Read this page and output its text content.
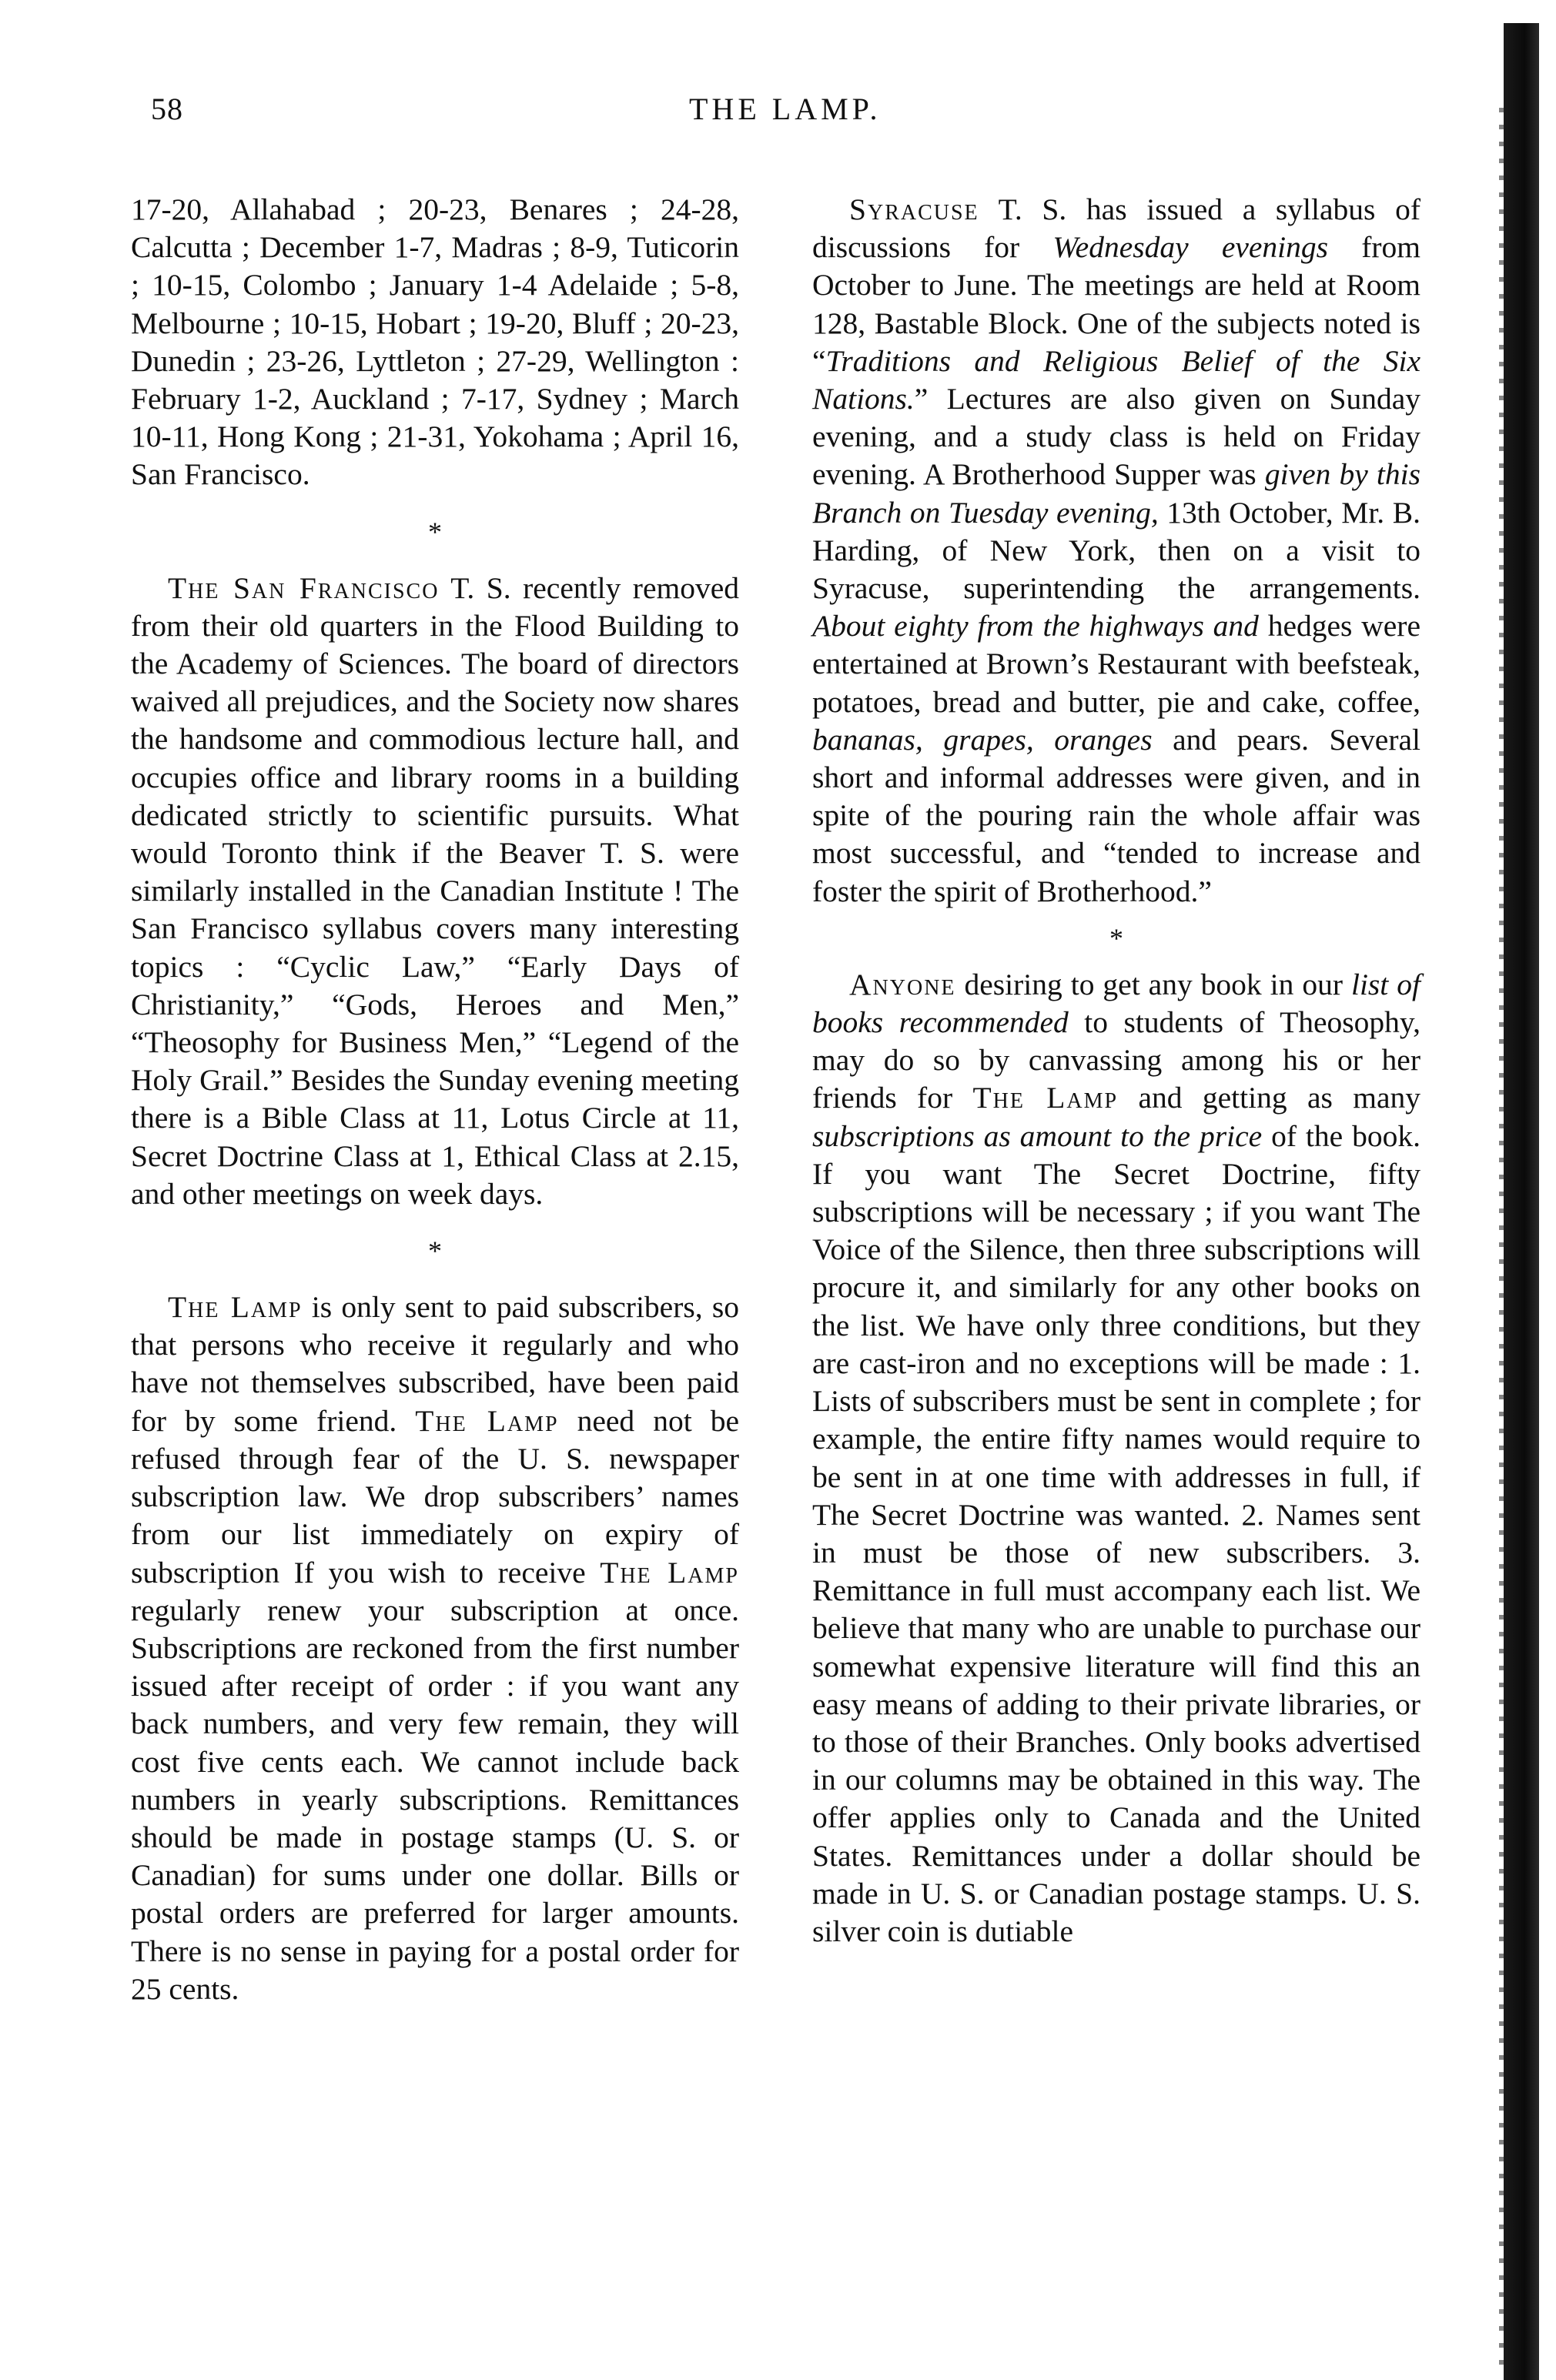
58	THE LAMP.

17-20, Allahabad ; 20-23, Benares ; 24-28, Calcutta ; December 1-7, Madras ; 8-9, Tuticorin ; 10-15, Colombo ; January 1-4 Adelaide ; 5-8, Melbourne ; 10-15, Hobart ; 19-20, Bluff ; 20-23, Dunedin ; 23-26, Lyttleton ; 27-29, Wellington : February 1-2, Auckland ; 7-17, Sydney ; March 10-11, Hong Kong ; 21-31, Yokohama ; April 16, San Francisco.

*

The San Francisco T. S. recently removed from their old quarters in the Flood Building to the Academy of Sciences. The board of directors waived all prejudices, and the Society now shares the handsome and commodious lecture hall, and occupies office and library rooms in a building dedicated strictly to scientific pursuits. What would Toronto think if the Beaver T. S. were similarly installed in the Canadian Institute ! The San Francisco syllabus covers many interesting topics : “Cyclic Law,” “Early Days of Christianity,” “Gods, Heroes and Men,” “Theosophy for Business Men,” “Legend of the Holy Grail.” Besides the Sunday evening meeting there is a Bible Class at 11, Lotus Circle at 11, Secret Doctrine Class at 1, Ethical Class at 2.15, and other meetings on week days.

*

The Lamp is only sent to paid subscribers, so that persons who receive it regularly and who have not themselves subscribed, have been paid for by some friend. The Lamp need not be refused through fear of the U. S. newspaper subscription law. We drop subscribers’ names from our list immediately on expiry of subscription If you wish to receive The Lamp regularly renew your subscription at once. Subscriptions are reckoned from the first number issued after receipt of order : if you want any back numbers, and very few remain, they will cost five cents each. We cannot include back numbers in yearly subscriptions. Remittances should be made in postage stamps (U. S. or Canadian) for sums under one dollar. Bills or postal orders are preferred for larger amounts. There is no sense in paying for a postal order for 25 cents.

Syracuse T. S. has issued a syllabus of discussions for Wednesday evenings from October to June. The meetings are held at Room 128, Bastable Block. One of the subjects noted is “Traditions and Religious Belief of the Six Nations.” Lectures are also given on Sunday evening, and a study class is held on Friday evening. A Brotherhood Supper was given by this Branch on Tuesday evening, 13th October, Mr. B. Harding, of New York, then on a visit to Syracuse, superintending the arrangements. About eighty from the highways and hedges were entertained at Brown’s Restaurant with beefsteak, potatoes, bread and butter, pie and cake, coffee, bananas, grapes, oranges and pears. Several short and informal addresses were given, and in spite of the pouring rain the whole affair was most successful, and “tended to increase and foster the spirit of Brotherhood.”

*

Anyone desiring to get any book in our list of books recommended to students of Theosophy, may do so by canvassing among his or her friends for The Lamp and getting as many subscriptions as amount to the price of the book. If you want The Secret Doctrine, fifty subscriptions will be necessary ; if you want The Voice of the Silence, then three subscriptions will procure it, and similarly for any other books on the list. We have only three conditions, but they are cast-iron and no exceptions will be made : 1. Lists of subscribers must be sent in complete ; for example, the entire fifty names would require to be sent in at one time with addresses in full, if The Secret Doctrine was wanted. 2. Names sent in must be those of new subscribers. 3. Remittance in full must accompany each list. We believe that many who are unable to purchase our somewhat expensive literature will find this an easy means of adding to their private libraries, or to those of their Branches. Only books advertised in our columns may be obtained in this way. The offer applies only to Canada and the United States. Remittances under a dollar should be made in U. S. or Canadian postage stamps. U. S. silver coin is dutiable
